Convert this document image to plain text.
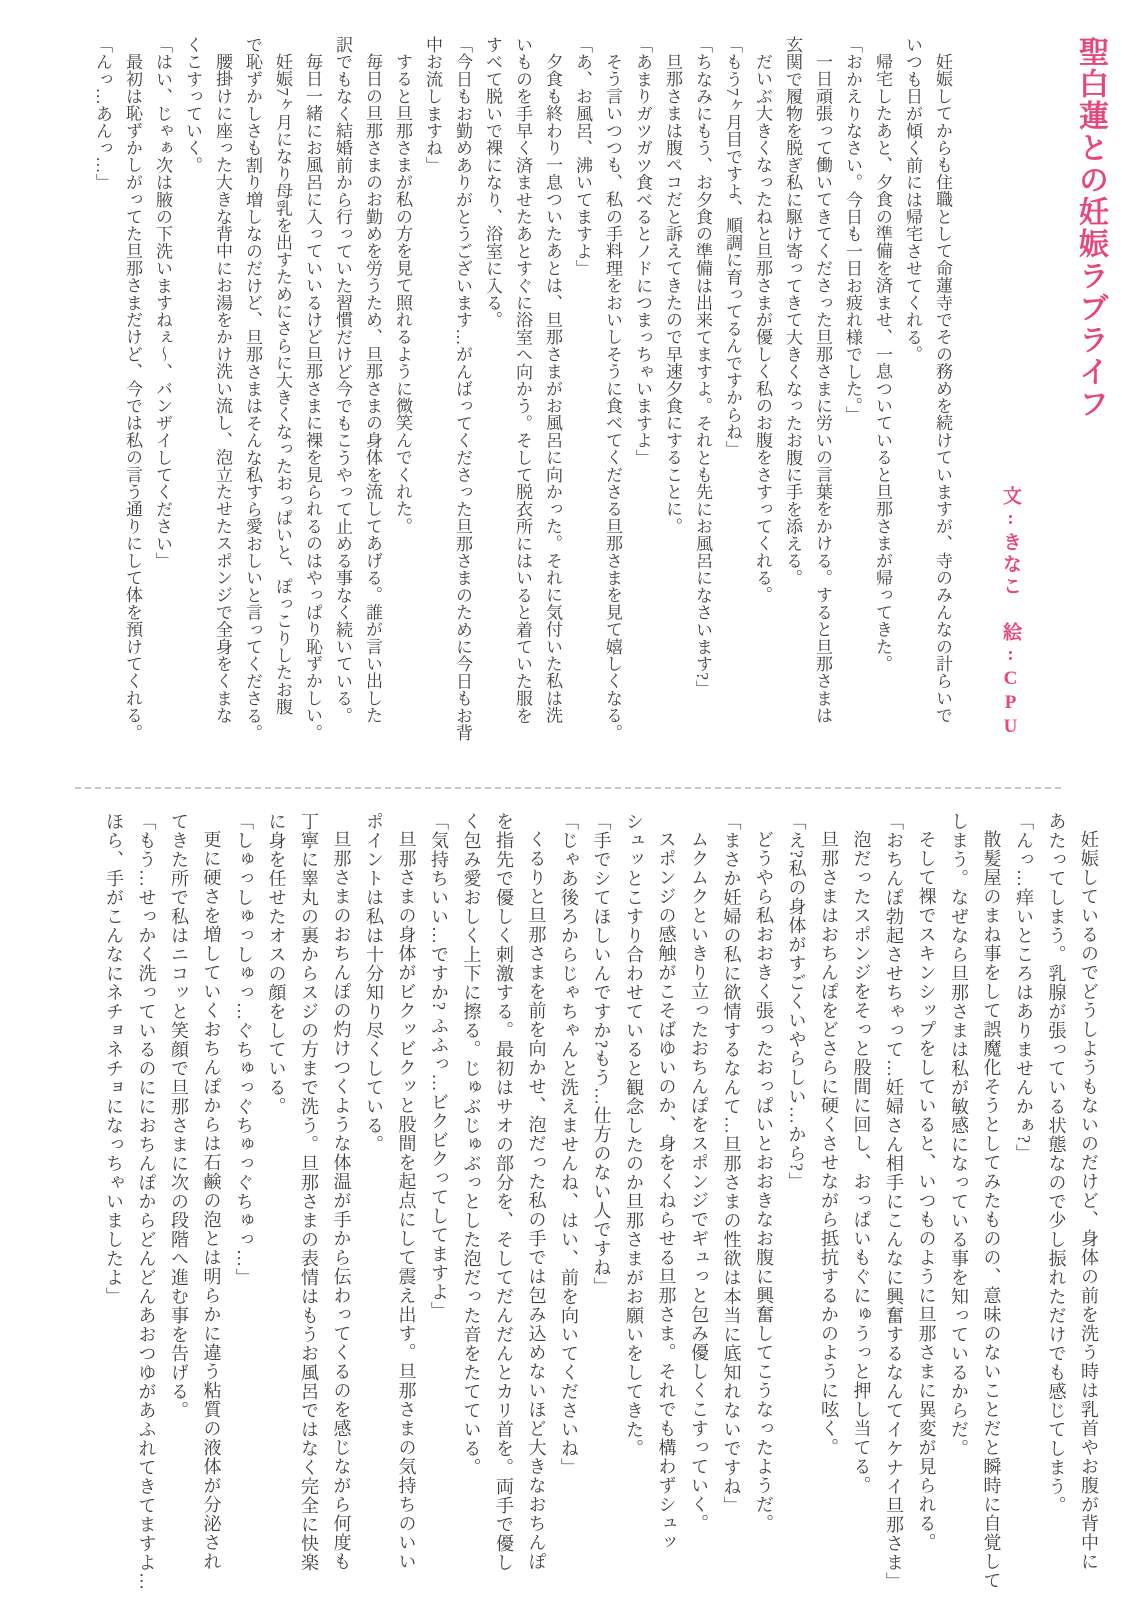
聖白蓮との妊娠ラブライフ
文:きなこ 絵:CPU

妊娠してからも住職として命蓮寺でその務めを続けていますが、寺のみんなの計らいで

いつも日が傾く前には帰宅させてくれる。

帰宅したあと、夕食の準備を済ませ、一息ついていると旦那さまが帰ってきた。

「おかえりなさい。今日も一日お疲れ様でした。」

一日頑張って働いてきてくださった旦那さまに労いの言葉をかける。すると旦那さまは

玄関で履物を脱ぎ私に駆け寄ってきて大きくなったお腹に手を添える。

だいぶ大きくなったねと旦那さまが優しく私のお腹をさすってくれる。

「もう7ヶ月目ですよ、順調に育ってるんですからね」

「ちなみにもう、お夕食の準備は出来てますよ。それとも先にお風呂になさいます?」

旦那さまは腹ペコだと訴えてきたので早速夕食にすることに。

「あまりガツガツ食べるとノドにつまっちゃいますよ」

そう言いつつも、私の手料理をおいしそうに食べてくださる旦那さまを見て嬉しくなる。

「あ、お風呂、沸いてますよ」

夕食も終わり一息ついたあとは、旦那さまがお風呂に向かった。それに気付いた私は洗

いものを手早く済ませたあとすぐに浴室へ向かう。そして脱衣所にはいると着ていた服を

すべて脱いで裸になり、浴室に入る。

「今日もお勤めありがとうございます…がんばってくださった旦那さまのために今日もお背

中お流しますね」

すると旦那さまが私の方を見て照れるように微笑んでくれた。

毎日の旦那さまのお勤めを労うため、旦那さまの身体を流してあげる。誰が言い出した

訳でもなく結婚前から行っていた習慣だけど今でもこうやって止める事なく続いている。

毎日一緒にお風呂に入っていいるけど旦那さまに裸を見られるのはやっぱり恥ずかしい。

妊娠7ヶ月になり母乳を出すためにさらに大きくなったおっぱいと、ぽっこりしたお腹

で恥ずかしさも割り増しなのだけど、旦那さまはそんな私すら愛おしいと言ってくださる。

腰掛けに座った大きな背中にお湯をかけ洗い流し、泡立たせたスポンジで全身をくまな

くこすっていく。

「はい、じゃぁ次は腋の下洗いますねぇ〜、バンザイしてください」

最初は恥ずかしがってた旦那さまだけど、今では私の言う通りにして体を預けてくれる。

「んっ…あんっ…」

妊娠しているのでどうしようもないのだけど、身体の前を洗う時は乳首やお腹が背中に

あたってしまう。乳腺が張っている状態なので少し振れただけでも感じてしまう。

「んっ…痒いところはありませんかぁ?」

散髪屋のまね事をして誤魔化そうとしてみたものの、意味のないことだと瞬時に自覚して

しまう。なぜなら旦那さまは私が敏感になっている事を知っているからだ。

そして裸でスキンシップをしていると、いつものように旦那さまに異変が見られる。

「おちんぽ勃起させちゃって…妊婦さん相手にこんなに興奮するなんてイケナイ旦那さま」

泡だったスポンジをそっと股間に回し、おっぱいもぐにゅうっと押し当てる。

旦那さまはおちんぽをどさらに硬くさせながら抵抗するかのように呟く。

「え?私の身体がすごくいやらしい…から?」

どうやら私おおきく張ったおっぱいとおおきなお腹に興奮してこうなったようだ。

「まさか妊婦の私に欲情するなんて…旦那さまの性欲は本当に底知れないですね」

ムクムクといきり立ったおちんぽをスポンジでギュっと包み優しくこすっていく。

スポンジの感触がこそばゆいのか、身をくねらせる旦那さま。それでも構わずシュッ

シュッとこすり合わせていると観念したのか旦那さまがお願いをしてきた。

「手でシてほしいんですか?もう…仕方のない人ですね」

「じゃあ後ろからじゃちゃんと洗えませんね、はい、前を向いてくださいね」

くるりと旦那さまを前を向かせ、泡だった私の手では包み込めないほど大きなおちんぽ

を指先で優しく刺激する。最初はサオの部分を、そしてだんだんとカリ首を。両手で優し

く包み愛おしく上下に擦る。じゅぶじゅぶっとした泡だった音をたてている。

「気持ちいい…ですか? ふふっ…ビクビクってしてますよ」

旦那さまの身体がビクッビクッと股間を起点にして震え出す。旦那さまの気持ちのいい

ポイントは私は十分知り尽くしている。

旦那さまのおちんぽの灼けつくような体温が手から伝わってくるのを感じながら何度も

丁寧に睾丸の裏からスジの方まで洗う。旦那さまの表情はもうお風呂ではなく完全に快楽

に身を任せたオスの顔をしている。

「しゅっしゅっしゅっ…ぐちゅっぐちゅっぐちゅっ…」

更に硬さを増していくおちんぽからは石鹸の泡とは明らかに違う粘質の液体が分泌され

てきた所で私はニコッと笑顔で旦那さまに次の段階へ進む事を告げる。

「もう…せっかく洗っているのににおちんぽからどんどんあおつゆがあふれてきてますよ…

ほら、手がこんなにネチョネチョになっちゃいましたよ」
